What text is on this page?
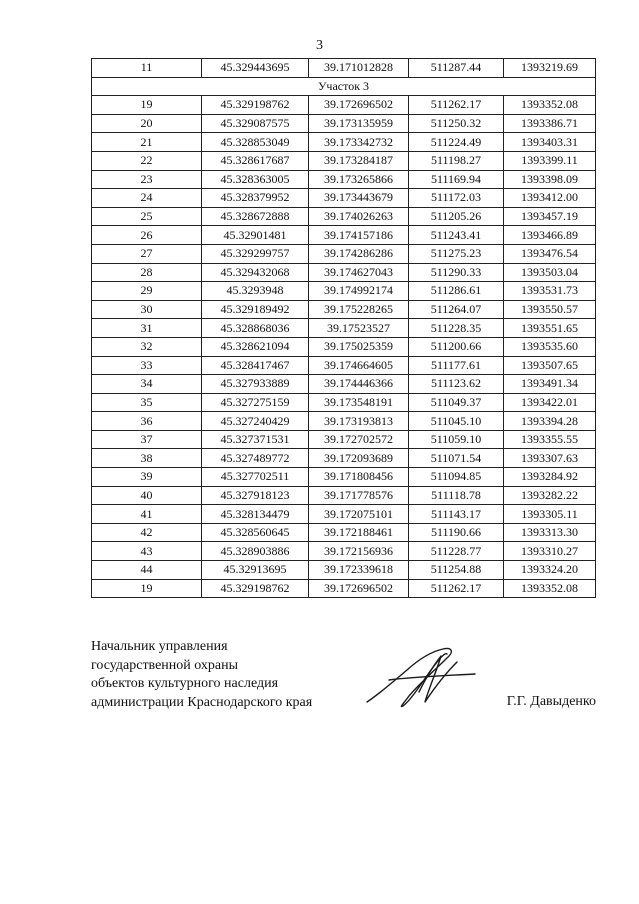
3
11	45.329443695	39.171012828	511287.44	1393219.69
Участок 3				
19	45.329198762	39.172696502	511262.17	1393352.08
20	45.329087575	39.173135959	511250.32	1393386.71
21	45.328853049	39.173342732	511224.49	1393403.31
22	45.328617687	39.173284187	511198.27	1393399.11
23	45.328363005	39.173265866	511169.94	1393398.09
24	45.328379952	39.173443679	511172.03	1393412.00
25	45.328672888	39.174026263	511205.26	1393457.19
26	45.32901481	39.174157186	511243.41	1393466.89
27	45.329299757	39.174286286	511275.23	1393476.54
28	45.329432068	39.174627043	511290.33	1393503.04
29	45.3293948	39.174992174	511286.61	1393531.73
30	45.329189492	39.175228265	511264.07	1393550.57
31	45.328868036	39.17523527	511228.35	1393551.65
32	45.328621094	39.175025359	511200.66	1393535.60
33	45.328417467	39.174664605	511177.61	1393507.65
34	45.327933889	39.174446366	511123.62	1393491.34
35	45.327275159	39.173548191	511049.37	1393422.01
36	45.327240429	39.173193813	511045.10	1393394.28
37	45.327371531	39.172702572	511059.10	1393355.55
38	45.327489772	39.172093689	511071.54	1393307.63
39	45.327702511	39.171808456	511094.85	1393284.92
40	45.327918123	39.171778576	511118.78	1393282.22
41	45.328134479	39.172075101	511143.17	1393305.11
42	45.328560645	39.172188461	511190.66	1393313.30
43	45.328903886	39.172156936	511228.77	1393310.27
44	45.32913695	39.172339618	511254.88	1393324.20
19	45.329198762	39.172696502	511262.17	1393352.08
Начальник управления
государственной охраны
объектов культурного наследия
администрации Краснодарского края	Г.Г. Давыденко
